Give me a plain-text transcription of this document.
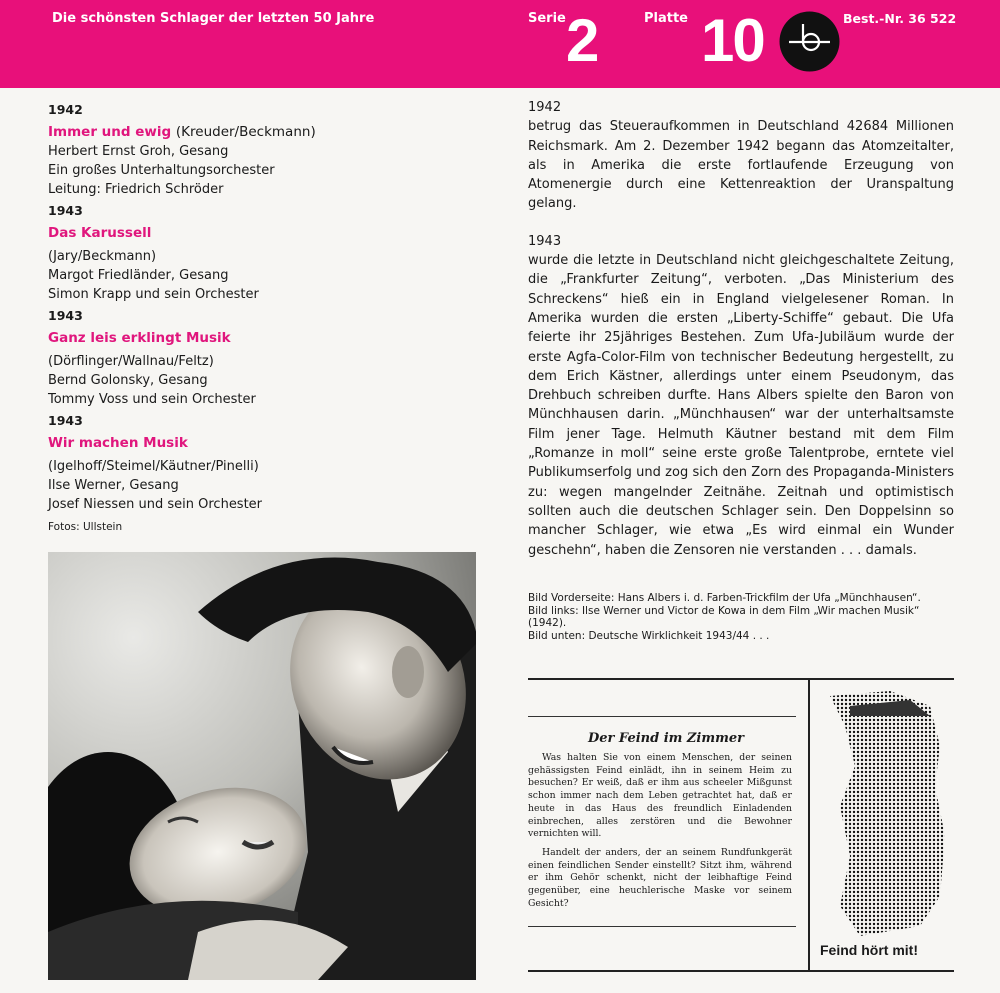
Die schönsten Schlager der letzten 50 Jahre	Serie 2	Platte 10	Best.-Nr. 36 522
1942
Immer und ewig (Kreuder/Beckmann)
Herbert Ernst Groh, Gesang
Ein großes Unterhaltungsorchester
Leitung: Friedrich Schröder
1943
Das Karussell
(Jary/Beckmann)
Margot Friedländer, Gesang
Simon Krapp und sein Orchester
1943
Ganz leis erklingt Musik
(Dörflinger/Wallnau/Feltz)
Bernd Golonsky, Gesang
Tommy Voss und sein Orchester
1943
Wir machen Musik
(Igelhoff/Steimel/Käutner/Pinelli)
Ilse Werner, Gesang
Josef Niessen und sein Orchester
Fotos: Ullstein
1942

betrug das Steueraufkommen in Deutschland 42684 Millionen Reichsmark. Am 2. Dezember 1942 begann das Atomzeitalter, als in Amerika die erste fortlaufende Erzeugung von Atomenergie durch eine Kettenreaktion der Uranspaltung gelang.

1943

wurde die letzte in Deutschland nicht gleichgeschaltete Zeitung, die „Frankfurter Zeitung“, verboten. „Das Ministerium des Schreckens“ hieß ein in England vielgelesener Roman. In Amerika wurden die ersten „Liberty-Schiffe“ gebaut. Die Ufa feierte ihr 25jähriges Bestehen. Zum Ufa-Jubiläum wurde der erste Agfa-Color-Film von technischer Bedeutung hergestellt, zu dem Erich Kästner, allerdings unter einem Pseudonym, das Drehbuch schreiben durfte. Hans Albers spielte den Baron von Münchhausen darin. „Münchhausen“ war der unterhaltsamste Film jener Tage. Helmuth Käutner bestand mit dem Film „Romanze in moll“ seine erste große Talentprobe, erntete viel Publikumserfolg und zog sich den Zorn des Propaganda-Ministers zu: wegen mangelnder Zeitnähe. Zeitnah und optimistisch sollten auch die deutschen Schlager sein. Den Doppelsinn so mancher Schlager, wie etwa „Es wird einmal ein Wunder geschehn“, haben die Zensoren nie verstanden . . . damals.

Bild Vorderseite: Hans Albers i. d. Farben-Trickfilm der Ufa „Münchhausen“.
Bild links: Ilse Werner und Victor de Kowa in dem Film „Wir machen Musik“ (1942).
Bild unten: Deutsche Wirklichkeit 1943/44 . . .
Der Feind im Zimmer

Was halten Sie von einem Menschen, der seinen gehässigsten Feind einlädt, ihn in seinem Heim zu besuchen? Er weiß, daß er ihm aus scheeler Mißgunst schon immer nach dem Leben getrachtet hat, daß er heute in das Haus des freundlich Einladenden einbrechen, alles zerstören und die Bewohner vernichten will.

Handelt der anders, der an seinem Rundfunkgerät einen feindlichen Sender einstellt? Sitzt ihm, während er ihm Gehör schenkt, nicht der leibhaftige Feind gegenüber, eine heuchlerische Maske vor seinem Gesicht?

Feind hört mit!
